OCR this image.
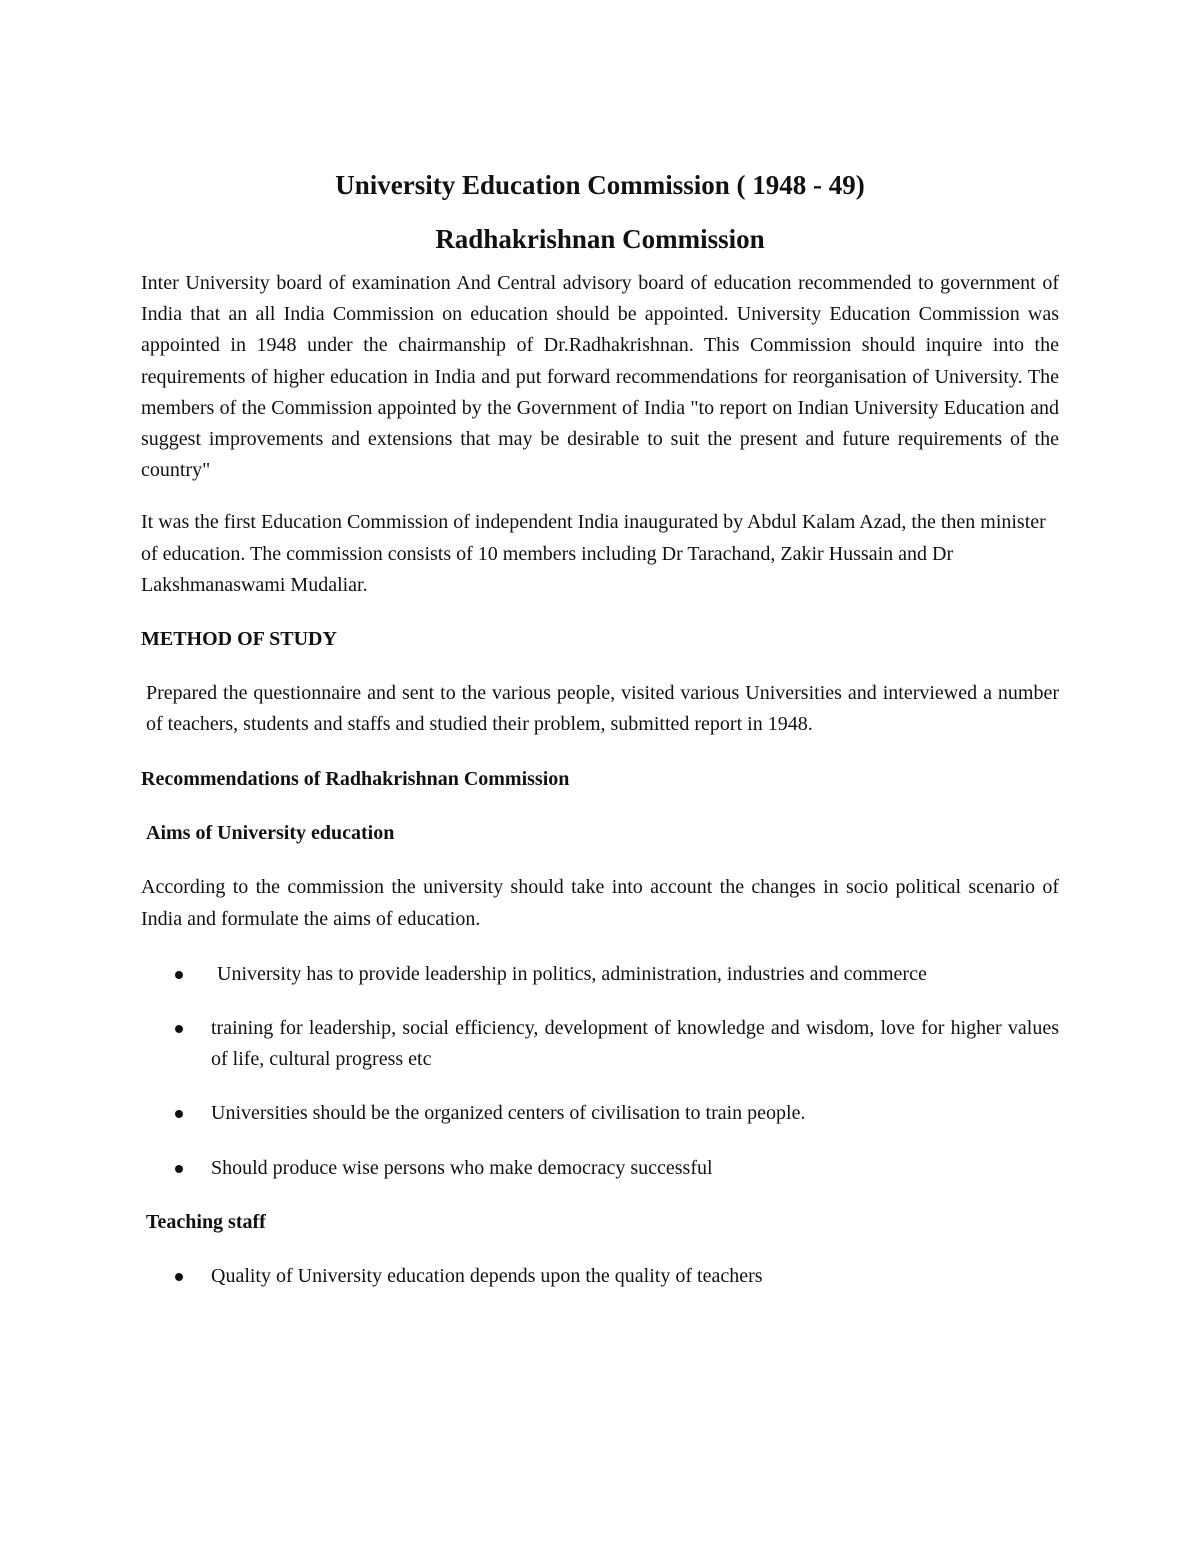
University Education Commission ( 1948 - 49)
Radhakrishnan Commission

Inter University board of examination And Central advisory board of education recommended to government of India that an all India Commission on education should be appointed. University Education Commission was appointed in 1948 under the chairmanship of Dr.Radhakrishnan. This Commission should inquire into the requirements of higher education in India and put forward recommendations for reorganisation of University. The members of the Commission appointed by the Government of India "to report on Indian University Education and suggest improvements and extensions that may be desirable to suit the present and future requirements of the country"

It was the first Education Commission of independent India inaugurated by Abdul Kalam Azad, the then minister of education. The commission consists of 10 members including Dr Tarachand, Zakir Hussain and Dr Lakshmanaswami Mudaliar.

METHOD OF STUDY

Prepared the questionnaire and sent to the various people, visited various Universities and interviewed a number of teachers, students and staffs and studied their problem, submitted report in 1948.

Recommendations of Radhakrishnan Commission

Aims of University education

According to the commission the university should take into account the changes in socio political scenario of India and formulate the aims of education.

University has to provide leadership in politics, administration, industries and commerce
training for leadership, social efficiency, development of knowledge and wisdom, love for higher values of life, cultural progress etc
Universities should be the organized centers of civilisation to train people.
Should produce wise persons who make democracy successful

Teaching staff

Quality of University education depends upon the quality of teachers
